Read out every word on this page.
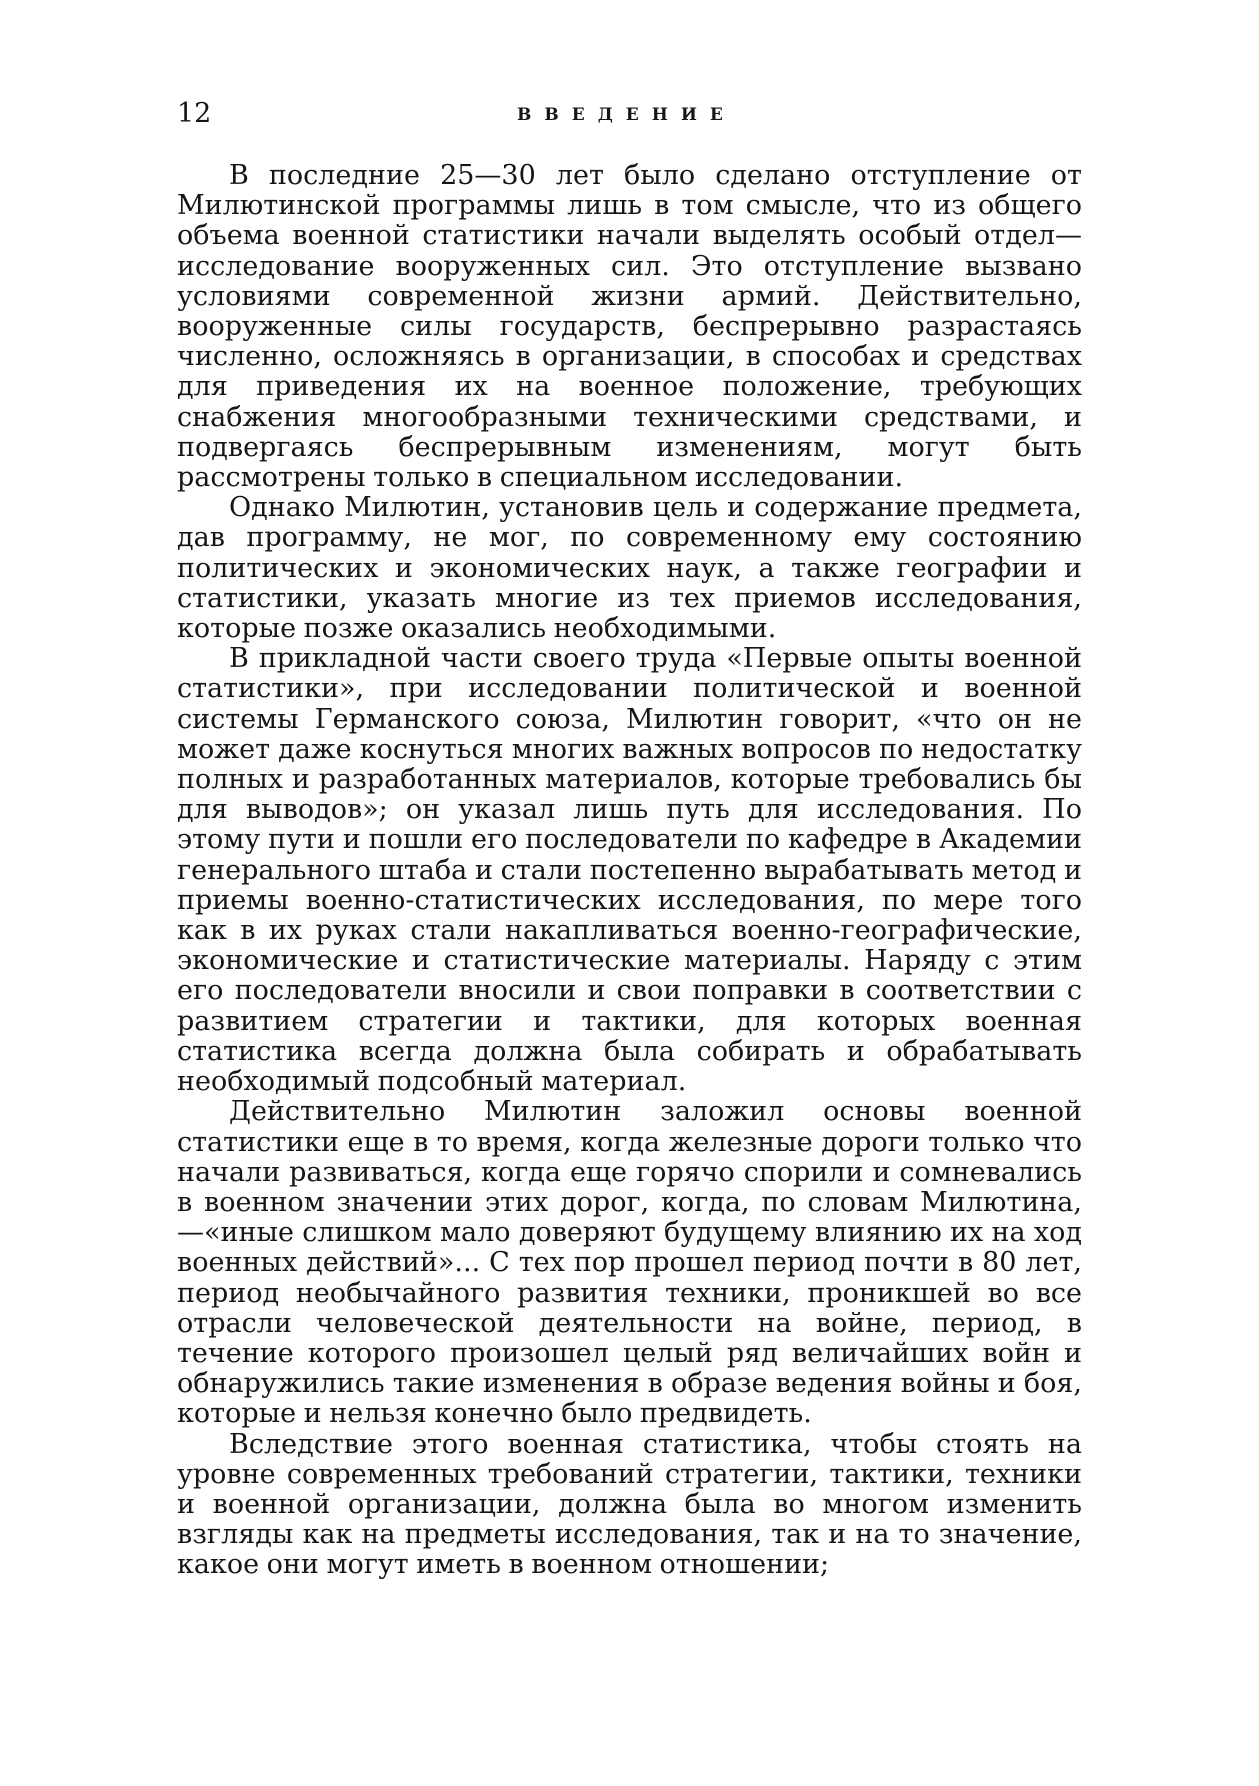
12	ВВЕДЕНИЕ

В последние 25—30 лет было сделано отступление от Милютинской программы лишь в том смысле, что из общего объема военной статистики начали выделять особый отдел— исследование вооруженных сил. Это отступление вызвано условиями современной жизни армий. Действительно, вооруженные силы государств, беспрерывно разрастаясь численно, осложняясь в организации, в способах и средствах для приведения их на военное положение, требующих снабжения многообразными техническими средствами, и подвергаясь беспрерывным изменениям, могут быть рассмотрены только в специальном исследовании.

Однако Милютин, установив цель и содержание предмета, дав программу, не мог, по современному ему состоянию политических и экономических наук, а также географии и статистики, указать многие из тех приемов исследования, которые позже оказались необходимыми.

В прикладной части своего труда «Первые опыты военной статистики», при исследовании политической и военной системы Германского союза, Милютин говорит, «что он не может даже коснуться многих важных вопросов по недостатку полных и разработанных материалов, которые требовались бы для выводов»; он указал лишь путь для исследования. По этому пути и пошли его последователи по кафедре в Академии генерального штаба и стали постепенно вырабатывать метод и приемы военно-статистических исследования, по мере того как в их руках стали накапливаться военно-географические, экономические и статистические материалы. Наряду с этим его последователи вносили и свои поправки в соответствии с развитием стратегии и тактики, для которых военная статистика всегда должна была собирать и обрабатывать необходимый подсобный материал.

Действительно Милютин заложил основы военной статистики еще в то время, когда железные дороги только что начали развиваться, когда еще горячо спорили и сомневались в военном значении этих дорог, когда, по словам Милютина,—«иные слишком мало доверяют будущему влиянию их на ход военных действий»... С тех пор прошел период почти в 80 лет, период необычайного развития техники, проникшей во все отрасли человеческой деятельности на войне, период, в течение которого произошел целый ряд величайших войн и обнаружились такие изменения в образе ведения войны и боя, которые и нельзя конечно было предвидеть.

Вследствие этого военная статистика, чтобы стоять на уровне современных требований стратегии, тактики, техники и военной организации, должна была во многом изменить взгляды как на предметы исследования, так и на то значение, какое они могут иметь в военном отношении;
